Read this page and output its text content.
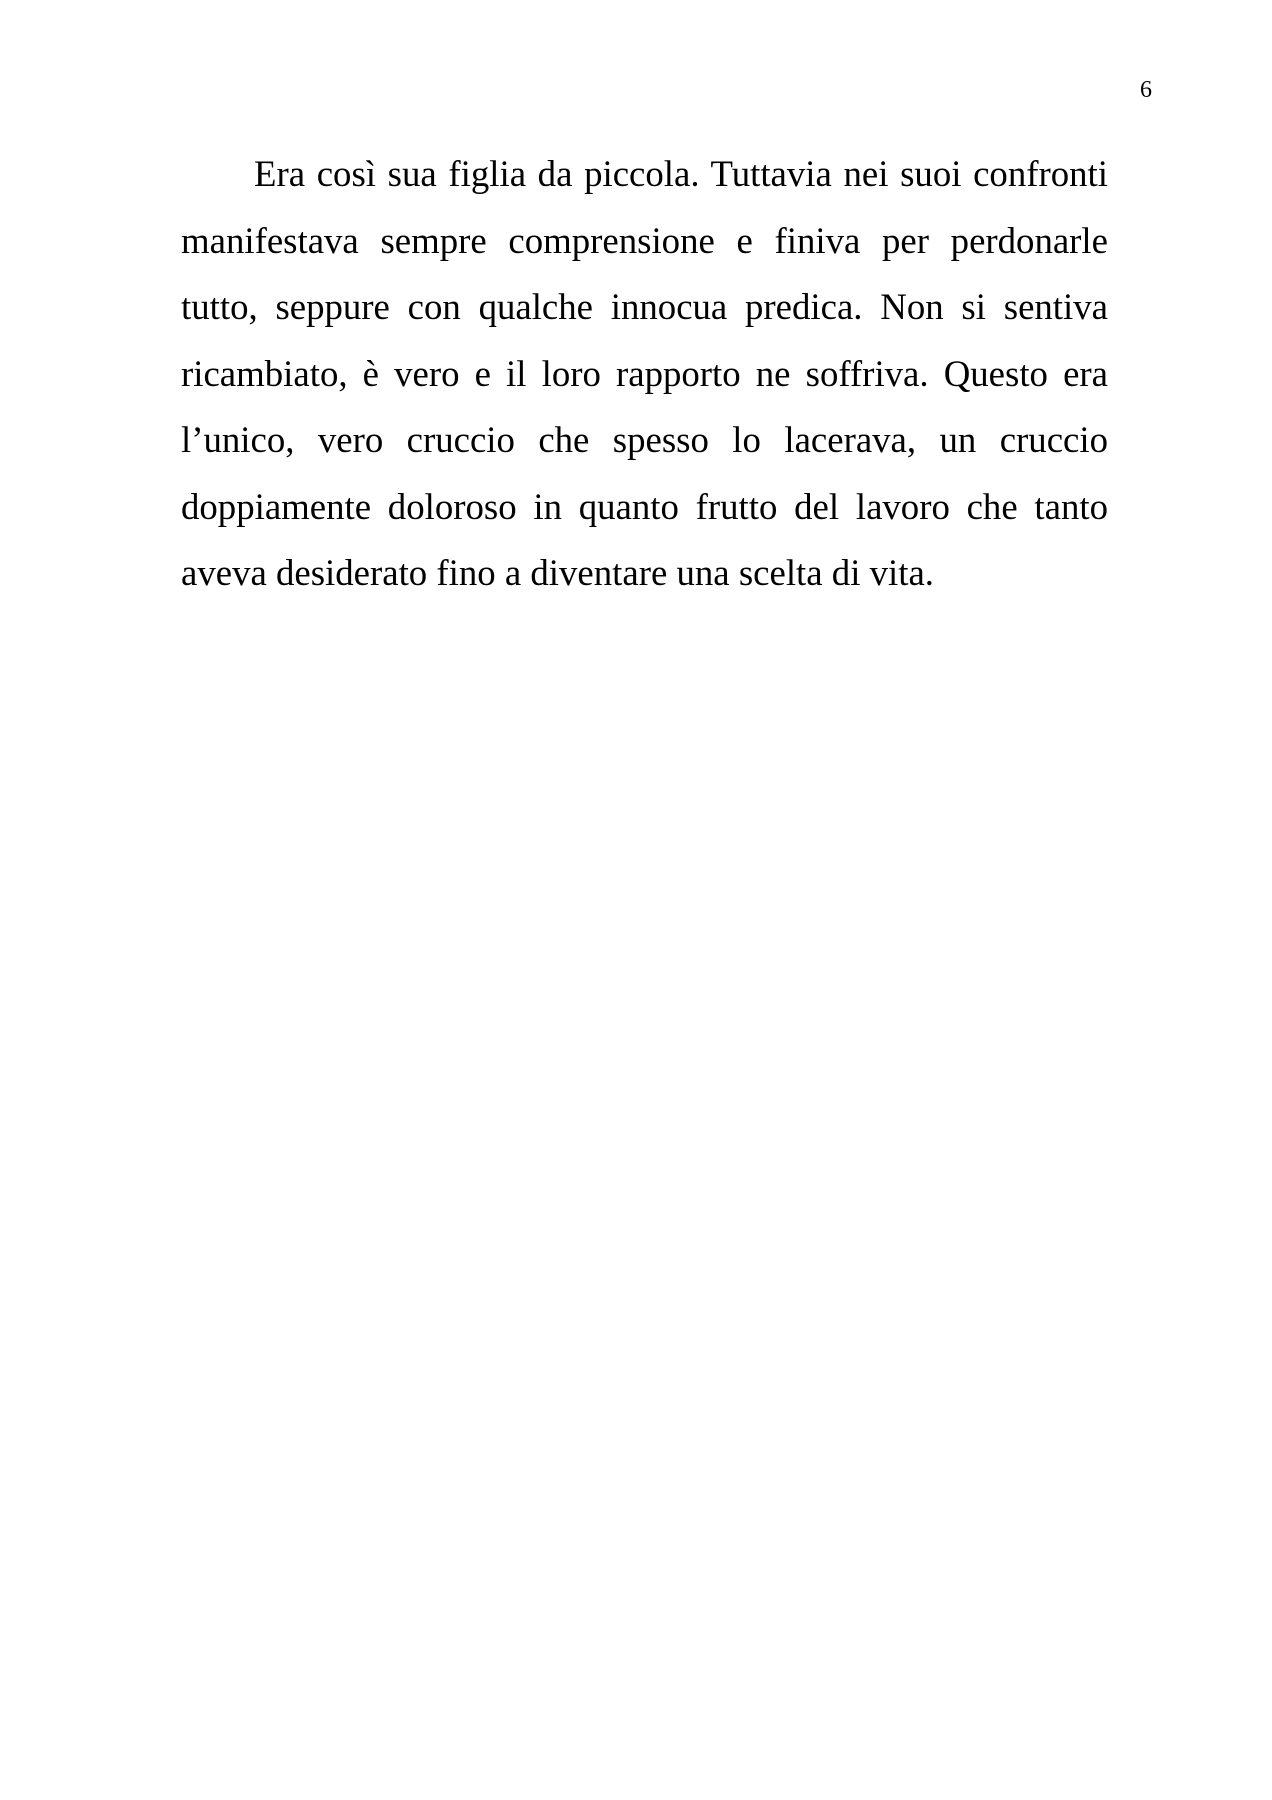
6

Era così sua figlia da piccola. Tuttavia nei suoi confronti manifestava sempre comprensione e finiva per perdonarle tutto, seppure con qualche innocua predica. Non si sentiva ricambiato, è vero e il loro rapporto ne soffriva. Questo era l’unico, vero cruccio che spesso lo lacerava, un cruccio doppiamente doloroso in quanto frutto del lavoro che tanto aveva desiderato fino a diventare una scelta di vita.
